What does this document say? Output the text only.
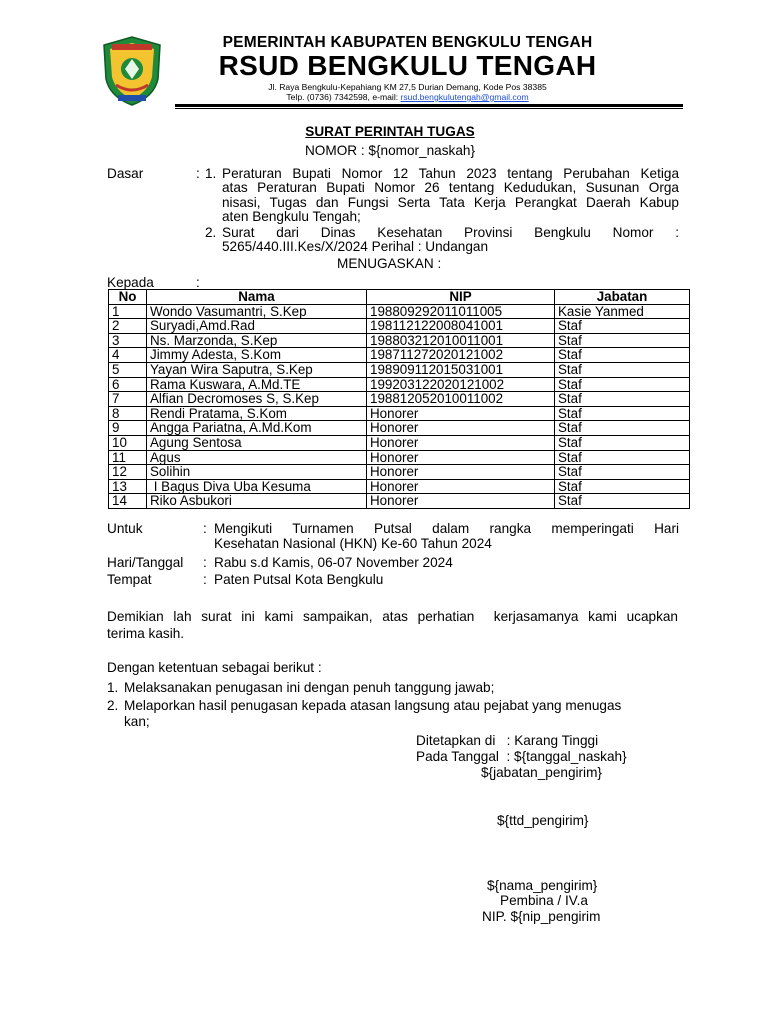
PEMERINTAH KABUPATEN BENGKULU TENGAH
RSUD BENGKULU TENGAH
Jl. Raya Bengkulu-Kepahiang KM 27,5 Durian Demang, Kode Pos 38385
Telp. (0736) 7342598, e-mail: rsud.bengkulutengah@gmail.com
SURAT PERINTAH TUGAS
NOMOR : ${nomor_naskah}
Dasar	: 1. Peraturan Bupati Nomor 12 Tahun 2023 tentang Perubahan Ketiga
atas Peraturan Bupati Nomor 26 tentang Kedudukan, Susunan Orga
nisasi, Tugas dan Fungsi Serta Tata Kerja Perangkat Daerah Kabup
aten Bengkulu Tengah;
2. Surat dari Dinas Kesehatan Provinsi Bengkulu Nomor :
5265/440.III.Kes/X/2024 Perihal : Undangan
MENUGASKAN :
Kepada	:
No	Nama	NIP	Jabatan
1	Wondo Vasumantri, S.Kep	198809292011011005	Kasie Yanmed
2	Suryadi,Amd.Rad	198112122008041001	Staf
3	Ns. Marzonda, S.Kep	198803212010011001	Staf
4	Jimmy Adesta, S.Kom	198711272020121002	Staf
5	Yayan Wira Saputra, S.Kep	198909112015031001	Staf
6	Rama Kuswara, A.Md.TE	199203122020121002	Staf
7	Alfian Decromoses S, S.Kep	198812052010011002	Staf
8	Rendi Pratama, S.Kom	Honorer	Staf
9	Angga Pariatna, A.Md.Kom	Honorer	Staf
10	Agung Sentosa	Honorer	Staf
11	Agus	Honorer	Staf
12	Solihin	Honorer	Staf
13	I Bagus Diva Uba Kesuma	Honorer	Staf
14	Riko Asbukori	Honorer	Staf
Untuk	: Mengikuti Turnamen Putsal dalam rangka memperingati Hari
Kesehatan Nasional (HKN) Ke-60 Tahun 2024
Hari/Tanggal : Rabu s.d Kamis, 06-07 November 2024
Tempat	: Paten Putsal Kota Bengkulu
Demikian lah surat ini kami sampaikan, atas perhatian  kerjasamanya kami ucapkan
terima kasih.
Dengan ketentuan sebagai berikut :
1. Melaksanakan penugasan ini dengan penuh tanggung jawab;
2. Melaporkan hasil penugasan kepada atasan langsung atau pejabat yang menugas
kan;
Ditetapkan di   : Karang Tinggi
Pada Tanggal  : ${tanggal_naskah}
${jabatan_pengirim}
${ttd_pengirim}
${nama_pengirim}
Pembina / IV.a
NIP. ${nip_pengirim
